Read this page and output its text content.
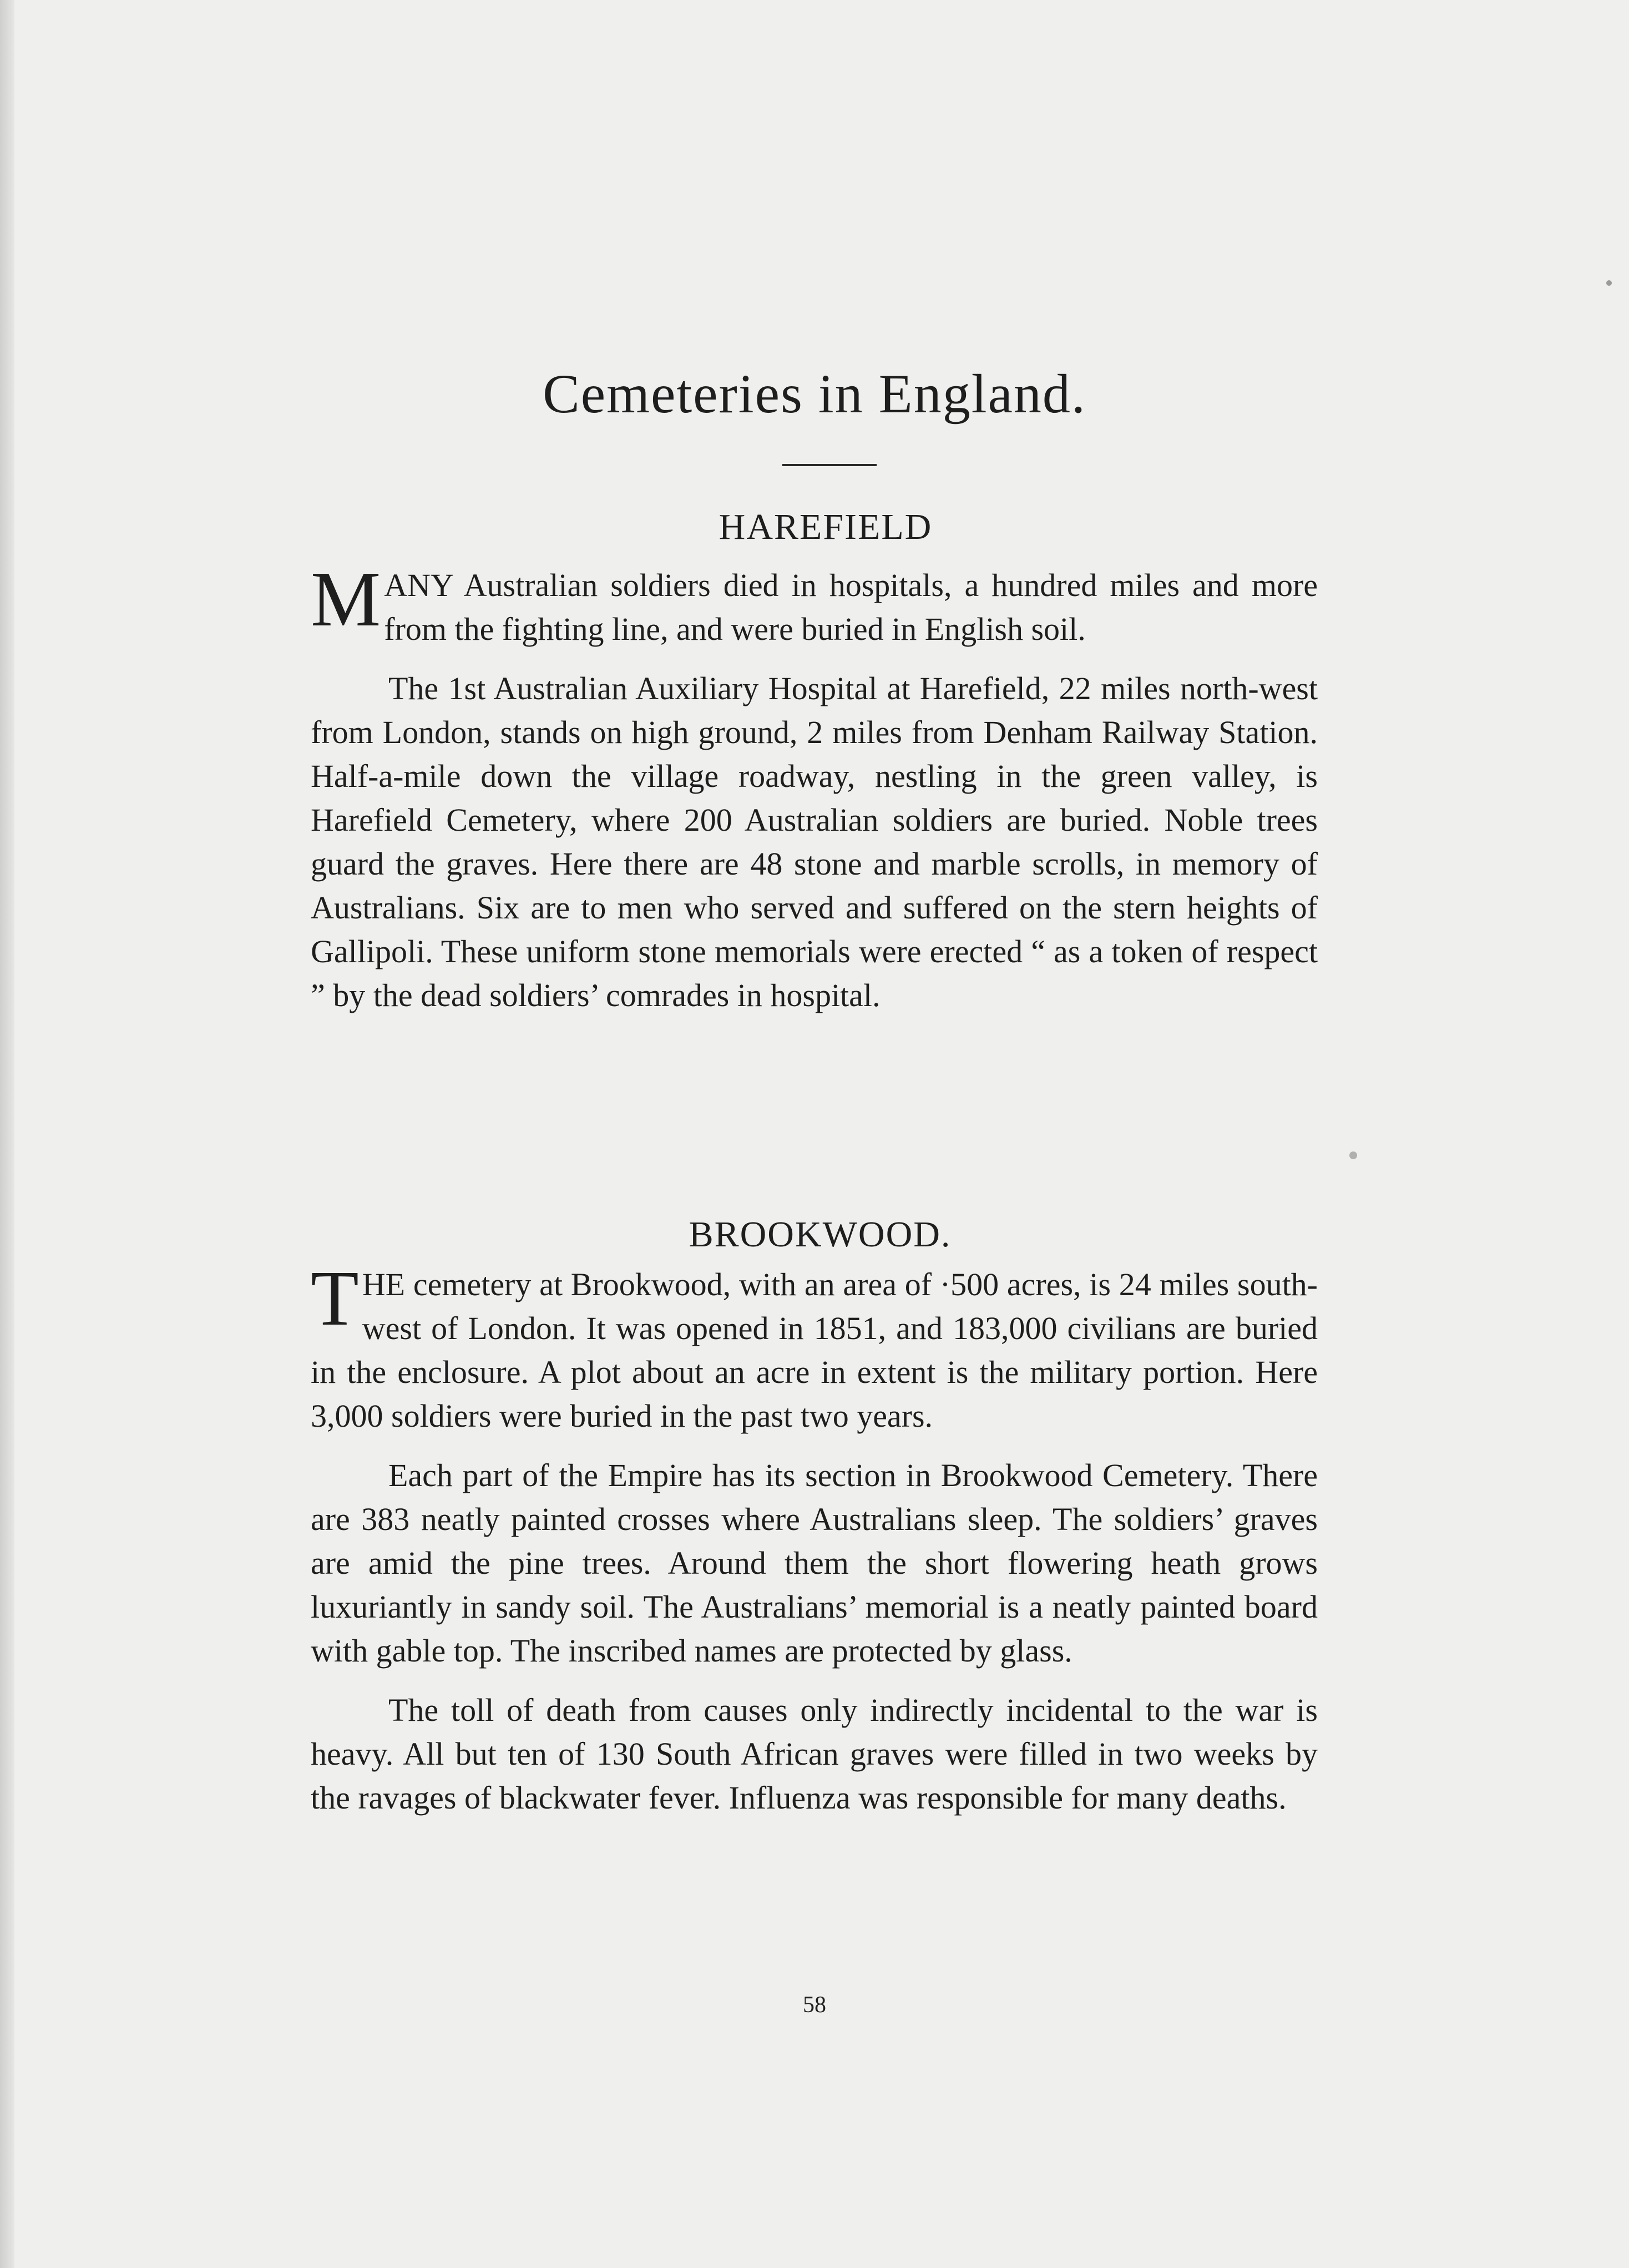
Cemeteries in England.
HAREFIELD

MANY Australian soldiers died in hospitals, a hundred miles and more from the fighting line, and were buried in English soil.

The 1st Australian Auxiliary Hospital at Harefield, 22 miles north-west from London, stands on high ground, 2 miles from Denham Railway Station. Half-a-mile down the village roadway, nestling in the green valley, is Harefield Cemetery, where 200 Australian soldiers are buried. Noble trees guard the graves. Here there are 48 stone and marble scrolls, in memory of Australians. Six are to men who served and suffered on the stern heights of Gallipoli. These uniform stone memorials were erected “ as a token of respect ” by the dead soldiers’ comrades in hospital.

BROOKWOOD.

THE cemetery at Brookwood, with an area of ·500 acres, is 24 miles south-west of London. It was opened in 1851, and 183,000 civilians are buried in the enclosure. A plot about an acre in extent is the military portion. Here 3,000 soldiers were buried in the past two years.

Each part of the Empire has its section in Brookwood Cemetery. There are 383 neatly painted crosses where Australians sleep. The soldiers’ graves are amid the pine trees. Around them the short flowering heath grows luxuriantly in sandy soil. The Australians’ memorial is a neatly painted board with gable top. The inscribed names are protected by glass.

The toll of death from causes only indirectly incidental to the war is heavy. All but ten of 130 South African graves were filled in two weeks by the ravages of blackwater fever. Influenza was responsible for many deaths.

58
